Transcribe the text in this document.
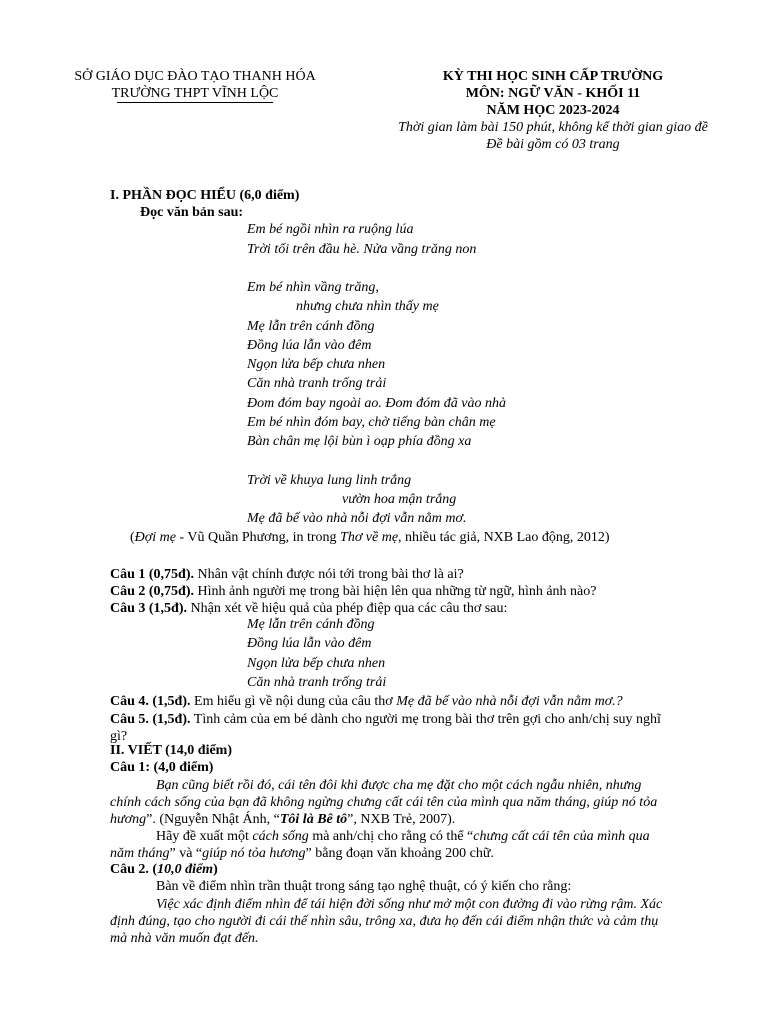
SỞ GIÁO DỤC ĐÀO TẠO THANH HÓA
TRƯỜNG THPT VĨNH LỘC
KỲ THI HỌC SINH CẤP TRƯỜNG
MÔN: NGỮ VĂN - KHỐI 11
NĂM HỌC 2023-2024
Thời gian làm bài 150 phút, không kể thời gian giao đề
Đề bài gồm có 03 trang
I. PHẦN ĐỌC HIỂU (6,0 điểm)
Đọc văn bản sau:
Em bé ngồi nhìn ra ruộng lúa
Trời tối trên đầu hè. Nửa vầng trăng non
Em bé nhìn vầng trăng,
nhưng chưa nhìn thấy mẹ
Mẹ lẫn trên cánh đồng
Đồng lúa lẫn vào đêm
Ngọn lửa bếp chưa nhen
Căn nhà tranh trống trải
Đom đóm bay ngoài ao. Đom đóm đã vào nhà
Em bé nhìn đóm bay, chờ tiếng bàn chân mẹ
Bàn chân mẹ lội bùn ì oạp phía đồng xa
Trời về khuya lung linh trắng
vườn hoa mận trắng
Mẹ đã bế vào nhà nỗi đợi vẫn nằm mơ.
(Đợi mẹ - Vũ Quần Phương, in trong Thơ về mẹ, nhiều tác giả, NXB Lao động, 2012)
Câu 1 (0,75đ). Nhân vật chính được nói tới trong bài thơ là ai?
Câu 2 (0,75đ). Hình ảnh người mẹ trong bài hiện lên qua những từ ngữ, hình ảnh nào?
Câu 3 (1,5đ). Nhận xét về hiệu quả của phép điệp qua các câu thơ sau:
Mẹ lẫn trên cánh đồng
Đồng lúa lẫn vào đêm
Ngọn lửa bếp chưa nhen
Căn nhà tranh trống trải
Câu 4. (1,5đ). Em hiểu gì về nội dung của câu thơ Mẹ đã bế vào nhà nỗi đợi vẫn nằm mơ.?
Câu 5. (1,5đ). Tình cảm của em bé dành cho người mẹ trong bài thơ trên gợi cho anh/chị suy nghĩ gì?
II. VIẾT (14,0 điểm)
Câu 1: (4,0 điểm)
Bạn cũng biết rồi đó, cái tên đôi khi được cha mẹ đặt cho một cách ngẫu nhiên, nhưng chính cách sống của bạn đã không ngừng chưng cất cái tên của mình qua năm tháng, giúp nó tỏa hương”. (Nguyễn Nhật Ánh, “Tôi là Bê tô”, NXB Trẻ, 2007).
Hãy đề xuất một cách sống mà anh/chị cho rằng có thể “chưng cất cái tên của mình qua năm tháng” và “giúp nó tỏa hương” bằng đoạn văn khoảng 200 chữ.
Câu 2. (10,0 điểm)
Bàn về điểm nhìn trần thuật trong sáng tạo nghệ thuật, có ý kiến cho rằng:
Việc xác định điểm nhìn để tái hiện đời sống như mở một con đường đi vào rừng rậm. Xác định đúng, tạo cho người đi cái thế nhìn sâu, trông xa, đưa họ đến cái điểm nhận thức và cảm thụ mà nhà văn muốn đạt đến.
